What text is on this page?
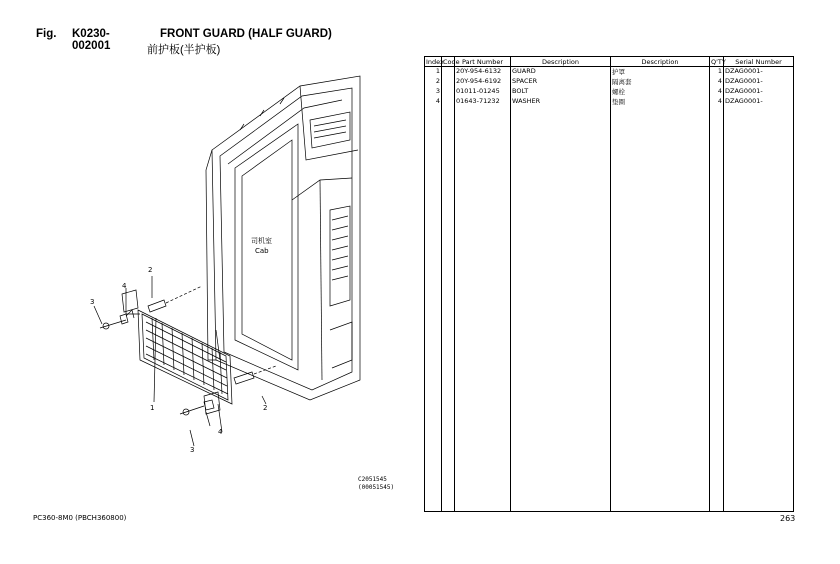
Fig. K0230-002001
FRONT GUARD (HALF GUARD)
前护板(半护板)
司机室
Cab
2
4
3
1	2
4
3
C2051545
(00051545)
Index	Code	Part Number	Description	Description	Q'TY	Serial Number
1		20Y-954-6132	GUARD	护罩	1	DZAG0001-
2		20Y-954-6192	SPACER	隔离套	4	DZAG0001-
3		01011-01245	BOLT	螺栓	4	DZAG0001-
4		01643-71232	WASHER	垫圈	4	DZAG0001-

PC360-8M0 (PBCH360800)	263
